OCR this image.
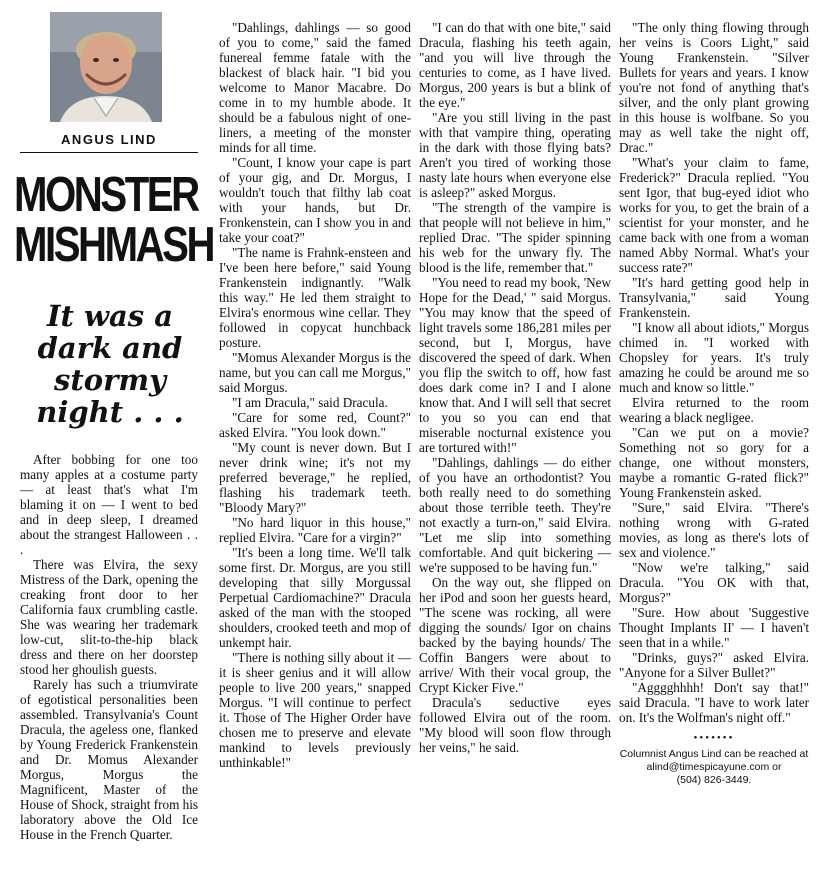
ANGUS LIND
MONSTER
MISHMASH
It was a dark and stormy night . . .

After bobbing for one too many apples at a costume party — at least that's what I'm blaming it on — I went to bed and in deep sleep, I dreamed about the strangest Halloween . . .

There was Elvira, the sexy Mistress of the Dark, opening the creaking front door to her California faux crumbling castle. She was wearing her trademark low-cut, slit-to-the-hip black dress and there on her doorstep stood her ghoulish guests.

Rarely has such a triumvirate of egotistical personalities been assembled. Transylvania's Count Dracula, the ageless one, flanked by Young Frederick Frankenstein and Dr. Momus Alexander Morgus, Morgus the Magnificent, Master of the House of Shock, straight from his laboratory above the Old Ice House in the French Quarter.

"Dahlings, dahlings — so good of you to come," said the famed funereal femme fatale with the blackest of black hair. "I bid you welcome to Manor Macabre. Do come in to my humble abode. It should be a fabulous night of one-liners, a meeting of the monster minds for all time.

"Count, I know your cape is part of your gig, and Dr. Morgus, I wouldn't touch that filthy lab coat with your hands, but Dr. Fronkenstein, can I show you in and take your coat?"

"The name is Frahnk-ensteen and I've been here before," said Young Frankenstein indignantly. "Walk this way." He led them straight to Elvira's enormous wine cellar. They followed in copycat hunchback posture.

"Momus Alexander Morgus is the name, but you can call me Morgus," said Morgus.

"I am Dracula," said Dracula.

"Care for some red, Count?" asked Elvira. "You look down."

"My count is never down. But I never drink wine; it's not my preferred beverage," he replied, flashing his trademark teeth. "Bloody Mary?"

"No hard liquor in this house," replied Elvira. "Care for a virgin?"

"It's been a long time. We'll talk some first. Dr. Morgus, are you still developing that silly Morgussal Perpetual Cardiomachine?" Dracula asked of the man with the stooped shoulders, crooked teeth and mop of unkempt hair.

"There is nothing silly about it — it is sheer genius and it will allow people to live 200 years," snapped Morgus. "I will continue to perfect it. Those of The Higher Order have chosen me to preserve and elevate mankind to levels previously unthinkable!"

"I can do that with one bite," said Dracula, flashing his teeth again, "and you will live through the centuries to come, as I have lived. Morgus, 200 years is but a blink of the eye."

"Are you still living in the past with that vampire thing, operating in the dark with those flying bats? Aren't you tired of working those nasty late hours when everyone else is asleep?" asked Morgus.

"The strength of the vampire is that people will not believe in him," replied Drac. "The spider spinning his web for the unwary fly. The blood is the life, remember that."

"You need to read my book, 'New Hope for the Dead,' " said Morgus. "You may know that the speed of light travels some 186,281 miles per second, but I, Morgus, have discovered the speed of dark. When you flip the switch to off, how fast does dark come in? I and I alone know that. And I will sell that secret to you so you can end that miserable nocturnal existence you are tortured with!"

"Dahlings, dahlings — do either of you have an orthodontist? You both really need to do something about those terrible teeth. They're not exactly a turn-on," said Elvira. "Let me slip into something comfortable. And quit bickering — we're supposed to be having fun."

On the way out, she flipped on her iPod and soon her guests heard, "The scene was rocking, all were digging the sounds/ Igor on chains backed by the baying hounds/ The Coffin Bangers were about to arrive/ With their vocal group, the Crypt Kicker Five."

Dracula's seductive eyes followed Elvira out of the room. "My blood will soon flow through her veins," he said.

"The only thing flowing through her veins is Coors Light," said Young Frankenstein. "Silver Bullets for years and years. I know you're not fond of anything that's silver, and the only plant growing in this house is wolfbane. So you may as well take the night off, Drac."

"What's your claim to fame, Frederick?" Dracula replied. "You sent Igor, that bug-eyed idiot who works for you, to get the brain of a scientist for your monster, and he came back with one from a woman named Abby Normal. What's your success rate?"

"It's hard getting good help in Transylvania," said Young Frankenstein.

"I know all about idiots," Morgus chimed in. "I worked with Chopsley for years. It's truly amazing he could be around me so much and know so little."

Elvira returned to the room wearing a black negligee.

"Can we put on a movie? Something not so gory for a change, one without monsters, maybe a romantic G-rated flick?" Young Frankenstein asked.

"Sure," said Elvira. "There's nothing wrong with G-rated movies, as long as there's lots of sex and violence."

"Now we're talking," said Dracula. "You OK with that, Morgus?"

"Sure. How about 'Suggestive Thought Implants II' — I haven't seen that in a while."

"Drinks, guys?" asked Elvira. "Anyone for a Silver Bullet?"

"Agggghhhh! Don't say that!" said Dracula. "I have to work later on. It's the Wolfman's night off."

•••••••
Columnist Angus Lind can be reached at
alind@timespicayune.com or
(504) 826-3449.
